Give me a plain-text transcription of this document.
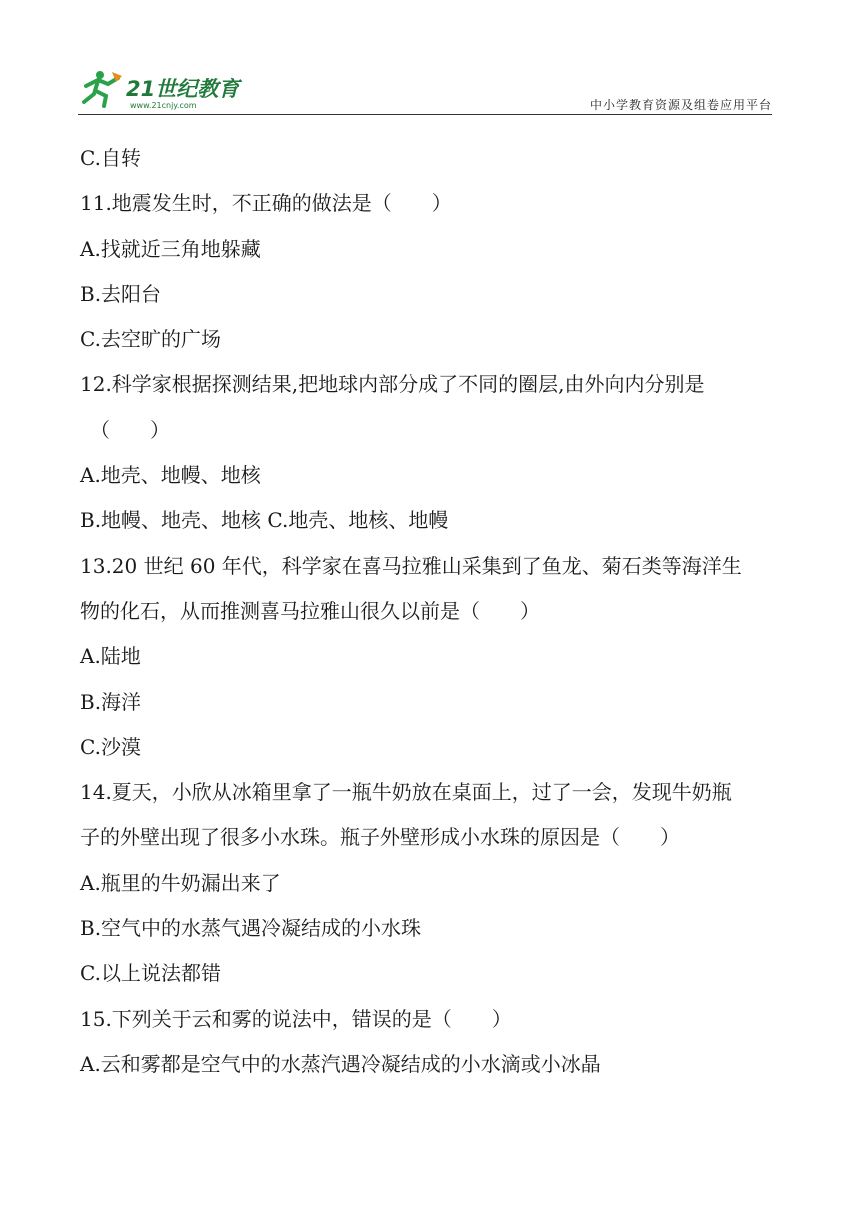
21世纪教育
www.21cnjy.com	中小学教育资源及组卷应用平台
C.自转
11.地震发生时，不正确的做法是（　　）
A.找就近三角地躲藏
B.去阳台
C.去空旷的广场
12.科学家根据探测结果,把地球内部分成了不同的圈层,由外向内分别是
（　　）
A.地壳、地幔、地核
B.地幔、地壳、地核 C.地壳、地核、地幔
13.20 世纪 60 年代，科学家在喜马拉雅山采集到了鱼龙、菊石类等海洋生
物的化石，从而推测喜马拉雅山很久以前是（　　）
A.陆地
B.海洋
C.沙漠
14.夏天，小欣从冰箱里拿了一瓶牛奶放在桌面上，过了一会，发现牛奶瓶
子的外壁出现了很多小水珠。瓶子外壁形成小水珠的原因是（　　）
A.瓶里的牛奶漏出来了
B.空气中的水蒸气遇冷凝结成的小水珠
C.以上说法都错
15.下列关于云和雾的说法中，错误的是（　　）
A.云和雾都是空气中的水蒸汽遇冷凝结成的小水滴或小冰晶
